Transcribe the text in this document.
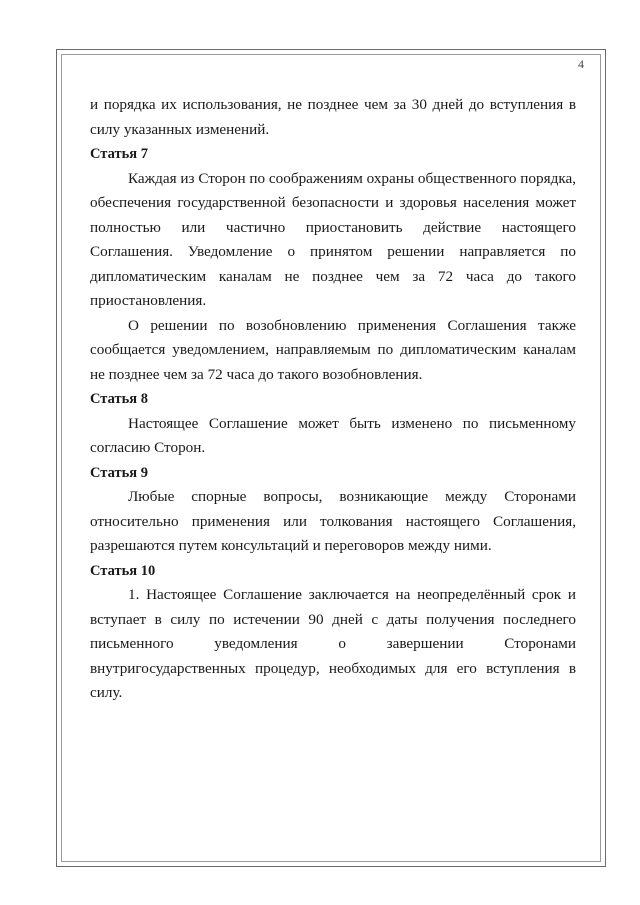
4

и порядка их использования, не позднее чем за 30 дней до вступления в силу указанных изменений.

Статья 7

Каждая из Сторон по соображениям охраны общественного порядка, обеспечения государственной безопасности и здоровья населения может полностью или частично приостановить действие настоящего Соглашения. Уведомление о принятом решении направляется по дипломатическим каналам не позднее чем за 72 часа до такого приостановления.

О решении по возобновлению применения Соглашения также сообщается уведомлением, направляемым по дипломатическим каналам не позднее чем за 72 часа до такого возобновления.

Статья 8

Настоящее Соглашение может быть изменено по письменному согласию Сторон.

Статья 9

Любые спорные вопросы, возникающие между Сторонами относительно применения или толкования настоящего Соглашения, разрешаются путем консультаций и переговоров между ними.

Статья 10

1. Настоящее Соглашение заключается на неопределённый срок и вступает в силу по истечении 90 дней с даты получения последнего письменного уведомления о завершении Сторонами внутригосударственных процедур, необходимых для его вступления в силу.
